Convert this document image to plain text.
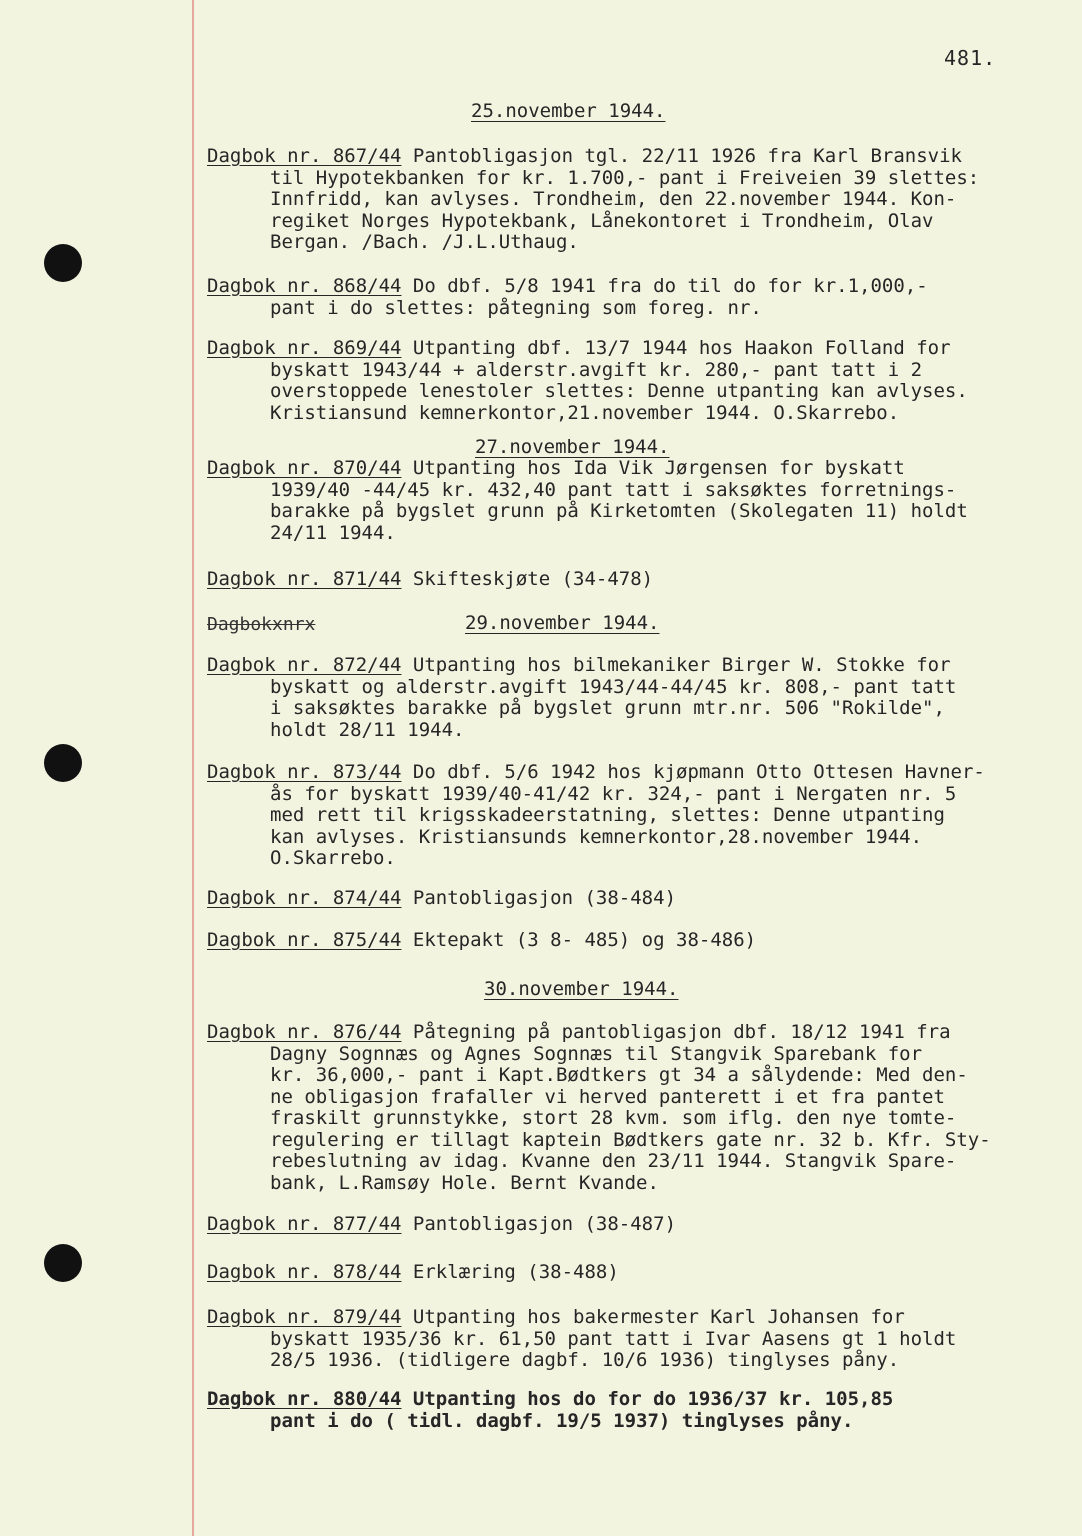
481.
25.november 1944.
27.november 1944.
29.november 1944.
30.november 1944.
Dagbokxnrx
Dagbok nr. 867/44 Pantobligasjon tgl. 22/11 1926 fra Karl Bransvik
til Hypotekbanken for kr. 1.700,- pant i Freiveien 39 slettes:
Innfridd, kan avlyses. Trondheim, den 22.november 1944. Kon-
regiket Norges Hypotekbank, Lånekontoret i Trondheim, Olav
Bergan. /Bach. /J.L.Uthaug.
Dagbok nr. 868/44 Do dbf. 5/8 1941 fra do til do for kr.1,000,-
pant i do slettes: påtegning som foreg. nr.
Dagbok nr. 869/44 Utpanting dbf. 13/7 1944 hos Haakon Folland for
byskatt 1943/44 + alderstr.avgift kr. 280,- pant tatt i 2
overstoppede lenestoler slettes: Denne utpanting kan avlyses.
Kristiansund kemnerkontor,21.november 1944. O.Skarrebo.
Dagbok nr. 870/44 Utpanting hos Ida Vik Jørgensen for byskatt
1939/40 -44/45 kr. 432,40 pant tatt i saksøktes forretnings-
barakke på bygslet grunn på Kirketomten (Skolegaten 11) holdt
24/11 1944.
Dagbok nr. 871/44 Skifteskjøte (34-478)
Dagbok nr. 872/44 Utpanting hos bilmekaniker Birger W. Stokke for
byskatt og alderstr.avgift 1943/44-44/45 kr. 808,- pant tatt
i saksøktes barakke på bygslet grunn mtr.nr. 506 "Rokilde",
holdt 28/11 1944.
Dagbok nr. 873/44 Do dbf. 5/6 1942 hos kjøpmann Otto Ottesen Havner-
ås for byskatt 1939/40-41/42 kr. 324,- pant i Nergaten nr. 5
med rett til krigsskadeerstatning, slettes: Denne utpanting
kan avlyses. Kristiansunds kemnerkontor,28.november 1944.
O.Skarrebo.
Dagbok nr. 874/44 Pantobligasjon (38-484)
Dagbok nr. 875/44 Ektepakt (3 8- 485) og 38-486)
Dagbok nr. 876/44 Påtegning på pantobligasjon dbf. 18/12 1941 fra
Dagny Sognnæs og Agnes Sognnæs til Stangvik Sparebank for
kr. 36,000,- pant i Kapt.Bødtkers gt 34 a sålydende: Med den-
ne obligasjon frafaller vi herved panterett i et fra pantet
fraskilt grunnstykke, stort 28 kvm. som iflg. den nye tomte-
regulering er tillagt kaptein Bødtkers gate nr. 32 b. Kfr. Sty-
rebeslutning av idag. Kvanne den 23/11 1944. Stangvik Spare-
bank, L.Ramsøy Hole. Bernt Kvande.
Dagbok nr. 877/44 Pantobligasjon (38-487)
Dagbok nr. 878/44 Erklæring (38-488)
Dagbok nr. 879/44 Utpanting hos bakermester Karl Johansen for
byskatt 1935/36 kr. 61,50 pant tatt i Ivar Aasens gt 1 holdt
28/5 1936. (tidligere dagbf. 10/6 1936) tinglyses påny.
Dagbok nr. 880/44 Utpanting hos do for do 1936/37 kr. 105,85
pant i do ( tidl. dagbf. 19/5 1937) tinglyses påny.
